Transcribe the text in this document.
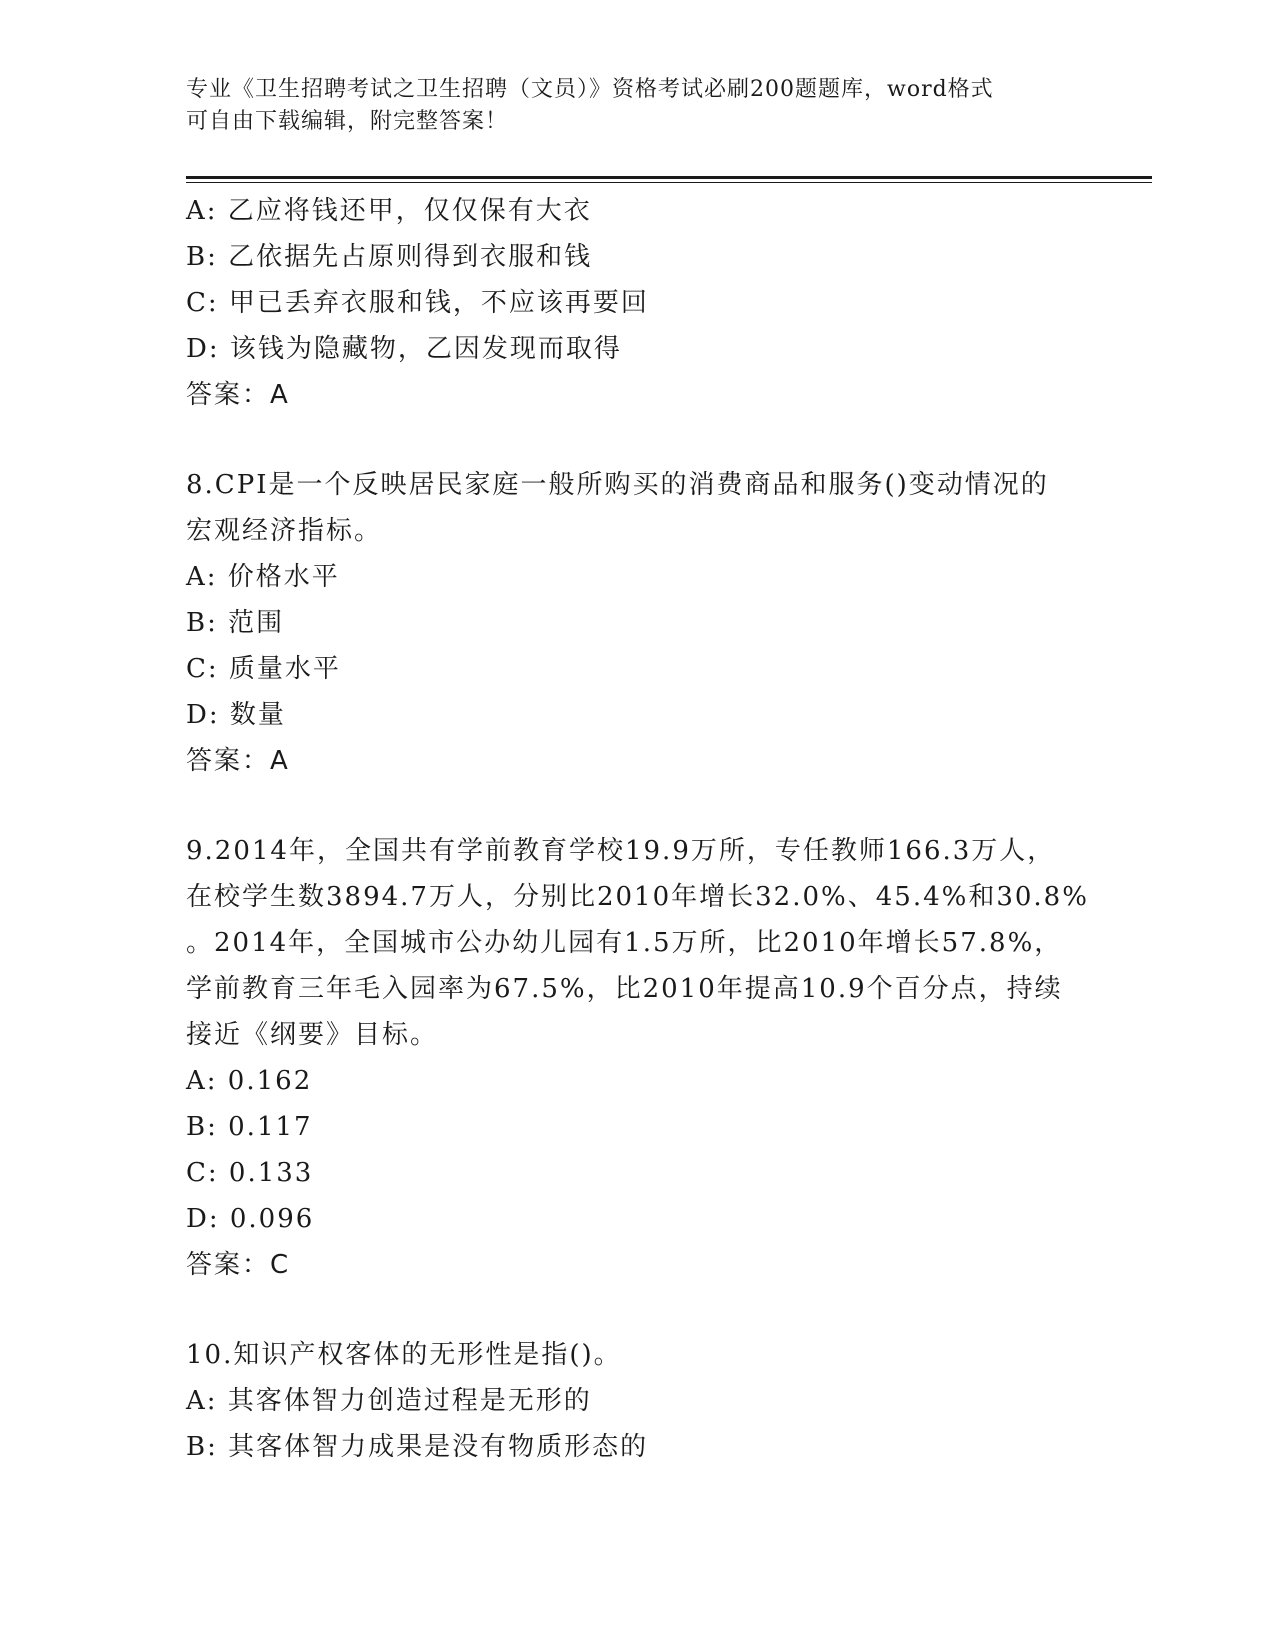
专业《卫生招聘考试之卫生招聘（文员）》资格考试必刷200题题库，word格式
可自由下载编辑，附完整答案！
A: 乙应将钱还甲，仅仅保有大衣
B: 乙依据先占原则得到衣服和钱
C: 甲已丢弃衣服和钱，不应该再要回
D: 该钱为隐藏物，乙因发现而取得
答案：A
8.CPI是一个反映居民家庭一般所购买的消费商品和服务()变动情况的
宏观经济指标。
A: 价格水平
B: 范围
C: 质量水平
D: 数量
答案：A
9.2014年，全国共有学前教育学校19.9万所，专任教师166.3万人，
在校学生数3894.7万人，分别比2010年增长32.0%、45.4%和30.8%
。2014年，全国城市公办幼儿园有1.5万所，比2010年增长57.8%，
学前教育三年毛入园率为67.5%，比2010年提高10.9个百分点，持续
接近《纲要》目标。
A: 0.162
B: 0.117
C: 0.133
D: 0.096
答案：C
10.知识产权客体的无形性是指()。
A: 其客体智力创造过程是无形的
B: 其客体智力成果是没有物质形态的
